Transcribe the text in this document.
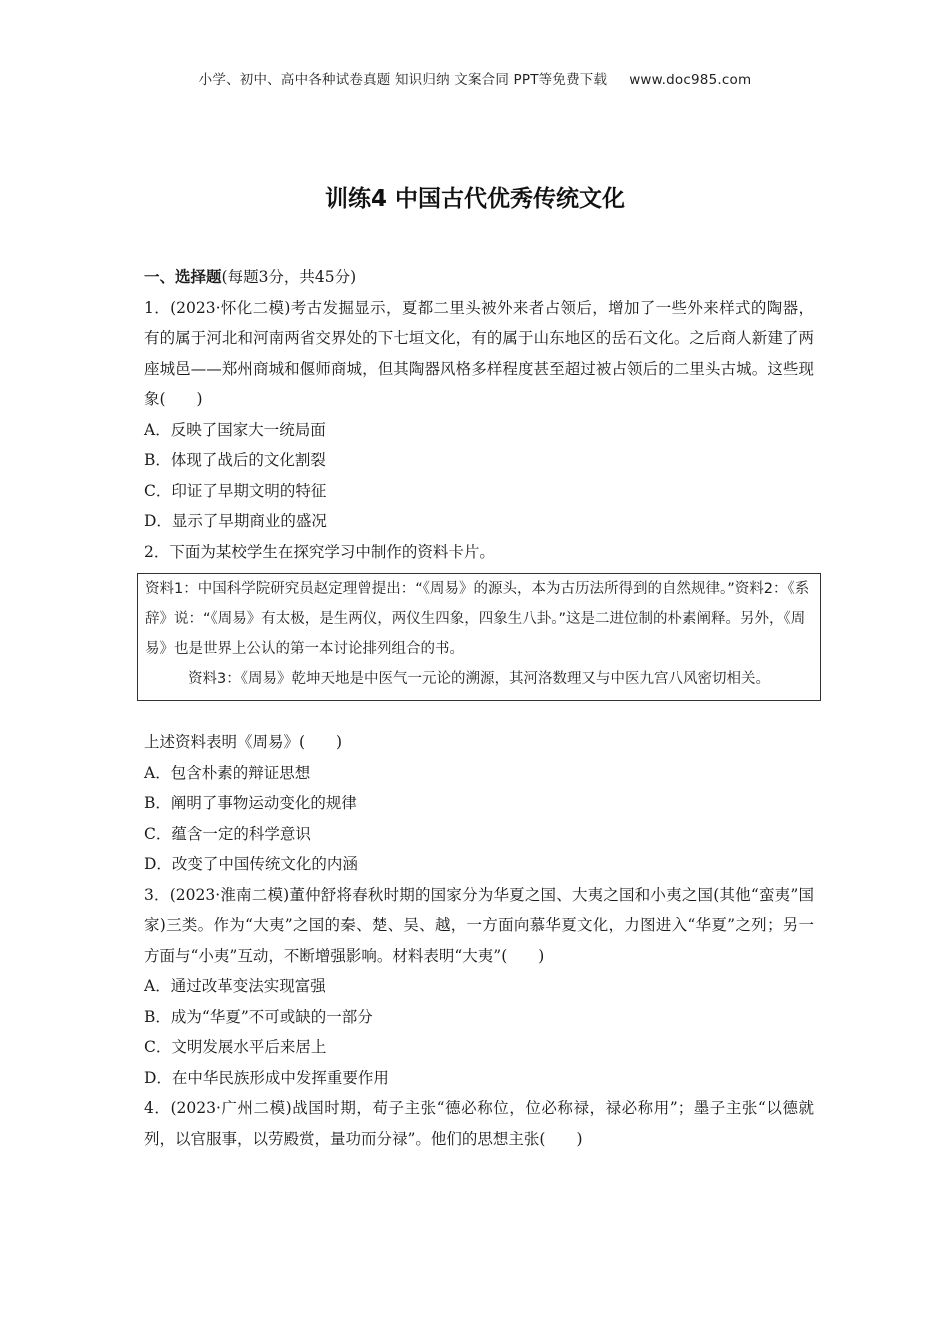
小学、初中、高中各种试卷真题 知识归纳 文案合同 PPT等免费下载 www.doc985.com
训练4 中国古代优秀传统文化

一、选择题(每题3分，共45分)

1．(2023·怀化二模)考古发掘显示，夏都二里头被外来者占领后，增加了一些外来样式的陶器，有的属于河北和河南两省交界处的下七垣文化，有的属于山东地区的岳石文化。之后商人新建了两座城邑——郑州商城和偃师商城，但其陶器风格多样程度甚至超过被占领后的二里头古城。这些现象(　　)

A．反映了国家大一统局面

B．体现了战后的文化割裂

C．印证了早期文明的特征

D．显示了早期商业的盛况

2．下面为某校学生在探究学习中制作的资料卡片。

资料1：中国科学院研究员赵定理曾提出：“《周易》的源头，本为古历法所得到的自然规律。”资料2：《系辞》说：“《周易》有太极，是生两仪，两仪生四象，四象生八卦。”这是二进位制的朴素阐释。另外，《周易》也是世界上公认的第一本讨论排列组合的书。

资料3：《周易》乾坤天地是中医气一元论的溯源，其河洛数理又与中医九宫八风密切相关。

上述资料表明《周易》(　　)

A．包含朴素的辩证思想

B．阐明了事物运动变化的规律

C．蕴含一定的科学意识

D．改变了中国传统文化的内涵

3．(2023·淮南二模)董仲舒将春秋时期的国家分为华夏之国、大夷之国和小夷之国(其他“蛮夷”国家)三类。作为“大夷”之国的秦、楚、吴、越，一方面向慕华夏文化，力图进入“华夏”之列；另一方面与“小夷”互动，不断增强影响。材料表明“大夷”(　　)

A．通过改革变法实现富强

B．成为“华夏”不可或缺的一部分

C．文明发展水平后来居上

D．在中华民族形成中发挥重要作用

4．(2023·广州二模)战国时期，荀子主张“德必称位，位必称禄，禄必称用”；墨子主张“以德就列，以官服事，以劳殿赏，量功而分禄”。他们的思想主张(　　)
